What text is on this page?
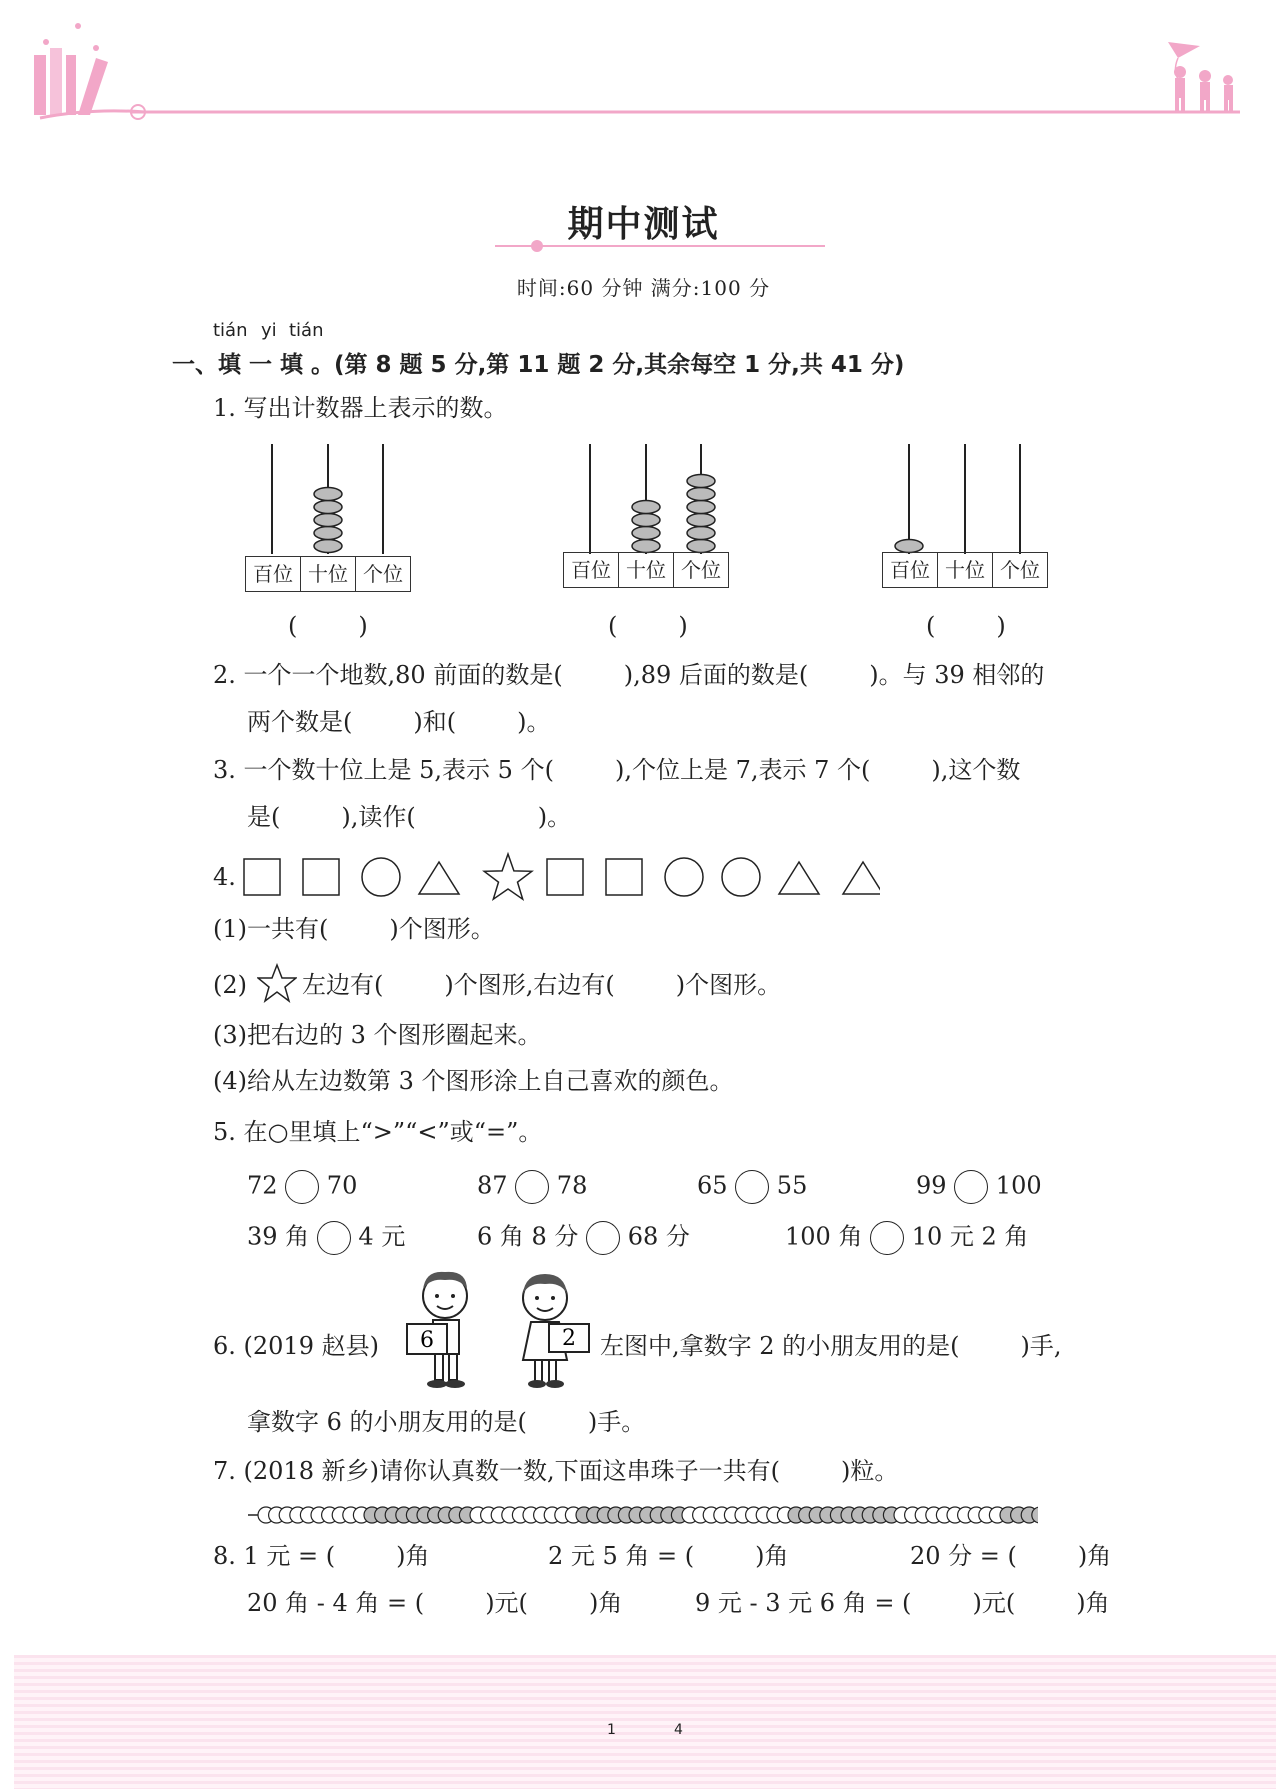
期中测试
时间:60 分钟 满分:100 分
tián yi tián
一、填 一 填 。(第 8 题 5 分,第 11 题 2 分,其余每空 1 分,共 41 分)
1. 写出计数器上表示的数。
百位 十位 个位	百位 十位 个位	百位 十位 个位
(        )	(        )	(        )
2. 一个一个地数,80 前面的数是(        ),89 后面的数是(        )。与 39 相邻的
两个数是(        )和(        )。
3. 一个数十位上是 5,表示 5 个(        ),个位上是 7,表示 7 个(        ),这个数
是(        ),读作(                )。
4.
(1)一共有(        )个图形。
(2) 左边有(        )个图形,右边有(        )个图形。
(3)把右边的 3 个图形圈起来。
(4)给从左边数第 3 个图形涂上自己喜欢的颜色。
5. 在○里填上“>”“<”或“=”。
72  70	87  78	65  55	99  100
39 角  4 元	6 角 8 分  68 分	100 角  10 元 2 角
6. (2019 赵县) 6	2 左图中,拿数字 2 的小朋友用的是(        )手,
拿数字 6 的小朋友用的是(        )手。
7. (2018 新乡)请你认真数一数,下面这串珠子一共有(        )粒。
8. 1 元 = (        )角	2 元 5 角 = (        )角	20 分 = (        )角
20 角 - 4 角 = (        )元(        )角	9 元 - 3 元 6 角 = (        )元(        )角
1	4
